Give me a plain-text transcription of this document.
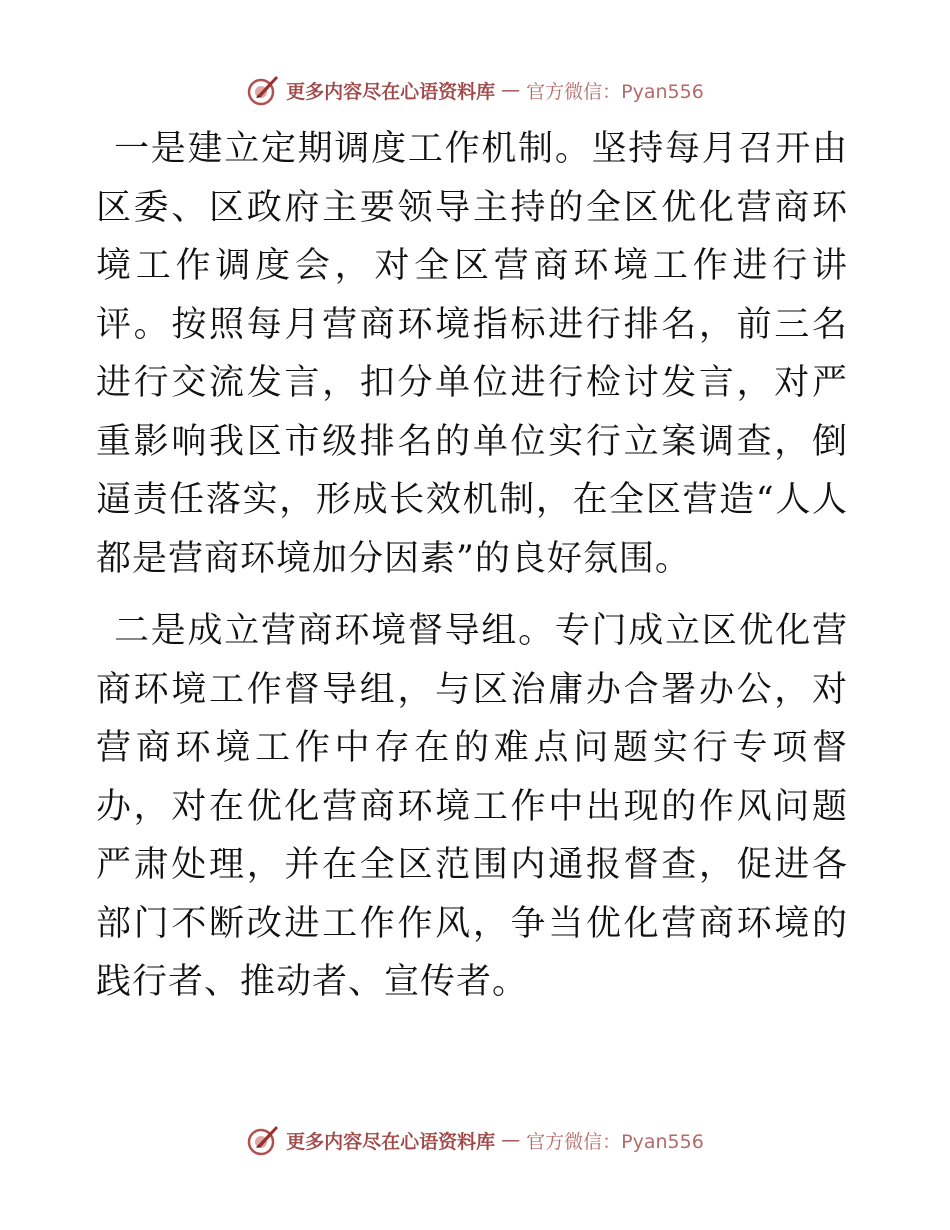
更多内容尽在心语资料库 — 官方微信：Pyan556

一是建立定期调度工作机制。坚持每月召开由区委、区政府主要领导主持的全区优化营商环境工作调度会，对全区营商环境工作进行讲评。按照每月营商环境指标进行排名，前三名进行交流发言，扣分单位进行检讨发言，对严重影响我区市级排名的单位实行立案调查，倒逼责任落实，形成长效机制，在全区营造“人人都是营商环境加分因素”的良好氛围。

二是成立营商环境督导组。专门成立区优化营商环境工作督导组，与区治庸办合署办公，对营商环境工作中存在的难点问题实行专项督办，对在优化营商环境工作中出现的作风问题严肃处理，并在全区范围内通报督查，促进各部门不断改进工作作风，争当优化营商环境的践行者、推动者、宣传者。

更多内容尽在心语资料库 — 官方微信：Pyan556
